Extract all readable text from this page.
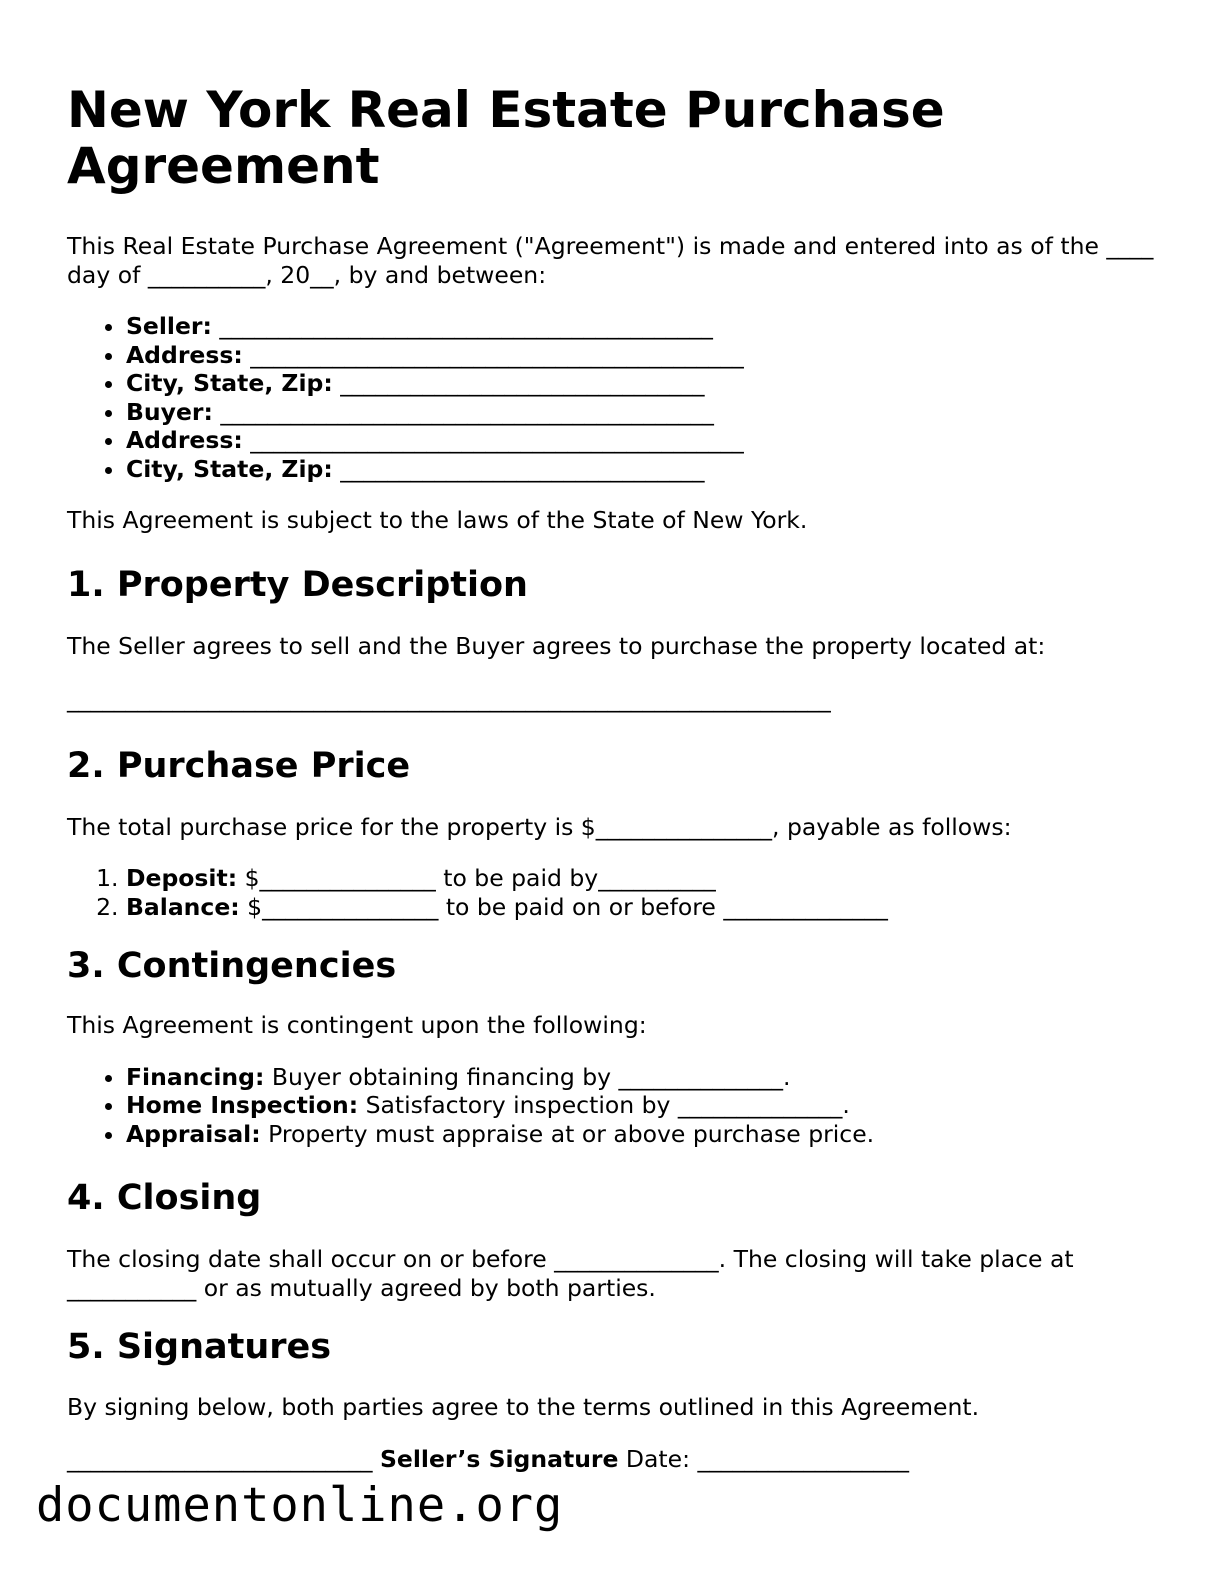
New York Real Estate Purchase Agreement

This Real Estate Purchase Agreement ("Agreement") is made and entered into as of the ____ day of __________, 20__, by and between:

• Seller: __________________________________________
• Address: __________________________________________
• City, State, Zip: _______________________________
• Buyer: __________________________________________
• Address: __________________________________________
• City, State, Zip: _______________________________

This Agreement is subject to the laws of the State of New York.

1. Property Description

The Seller agrees to sell and the Buyer agrees to purchase the property located at:

_________________________________________________________________

2. Purchase Price

The total purchase price for the property is $_______________, payable as follows:

1. Deposit: $_______________ to be paid by__________
2. Balance: $_______________ to be paid on or before ______________
3. Contingencies

This Agreement is contingent upon the following:

• Financing: Buyer obtaining financing by ______________.
• Home Inspection: Satisfactory inspection by ______________.
• Appraisal: Property must appraise at or above purchase price.
4. Closing

The closing date shall occur on or before ______________. The closing will take place at ___________ or as mutually agreed by both parties.

5. Signatures

By signing below, both parties agree to the terms outlined in this Agreement.

__________________________ Seller’s Signature Date: __________________

documentonline.org
